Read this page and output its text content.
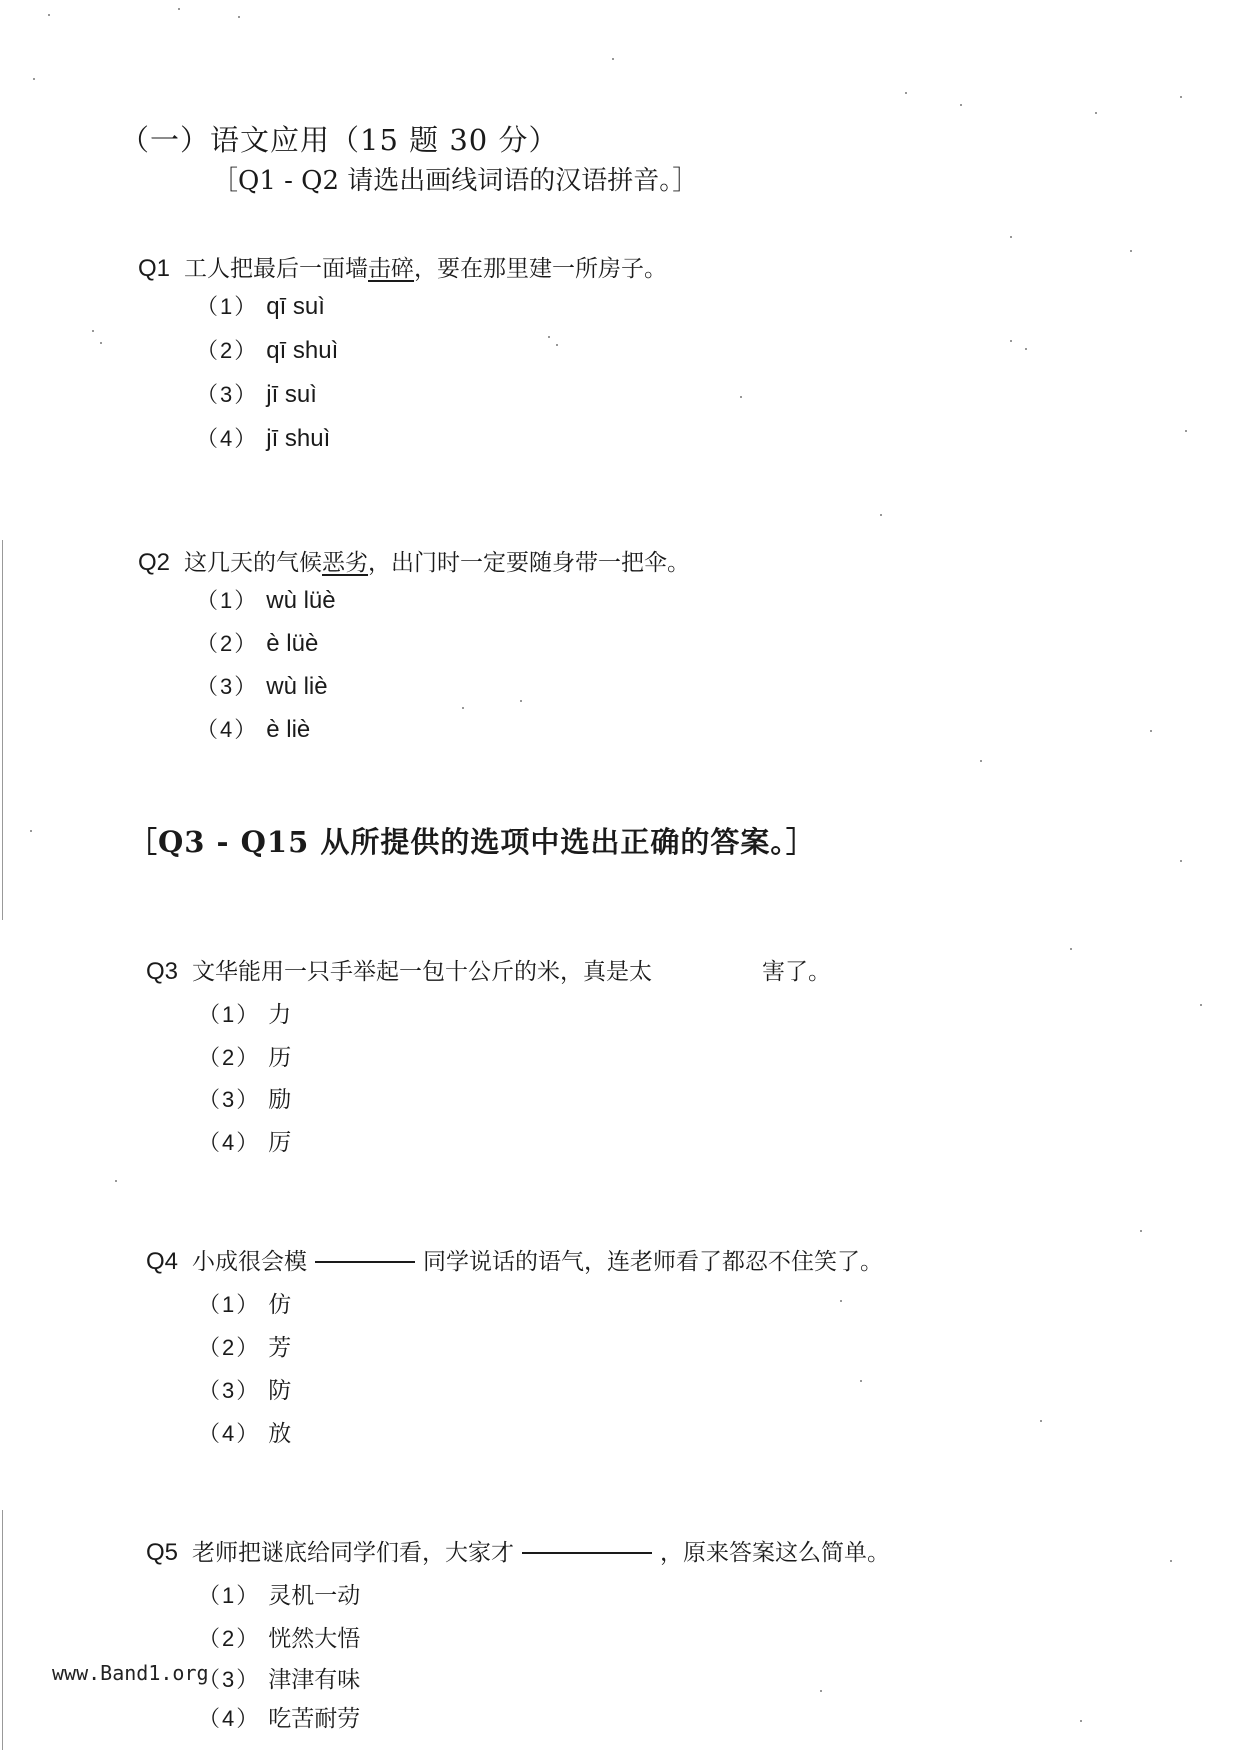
（一）语文应用（15 题 30 分）
［Q1 - Q2 请选出画线词语的汉语拼音。］
Q1 工人把最后一面墙击碎，要在那里建一所房子。
（1） qī suì
（2） qī shuì
（3） jī suì
（4） jī shuì
Q2 这几天的气候恶劣，出门时一定要随身带一把伞。
（1） wù lüè
（2） è lüè
（3） wù liè
（4） è liè
［Q3 - Q15 从所提供的选项中选出正确的答案。］
Q3 文华能用一只手举起一包十公斤的米，真是太	害了。
（1） 力
（2） 历
（3） 励
（4） 厉
Q4 小成很会模	同学说话的语气，连老师看了都忍不住笑了。
（1） 仿
（2） 芳
（3） 防
（4） 放
Q5 老师把谜底给同学们看，大家才	，原来答案这么简单。
（1） 灵机一动
（2） 恍然大悟
（3） 津津有味
（4） 吃苦耐劳
www.Band1.org
